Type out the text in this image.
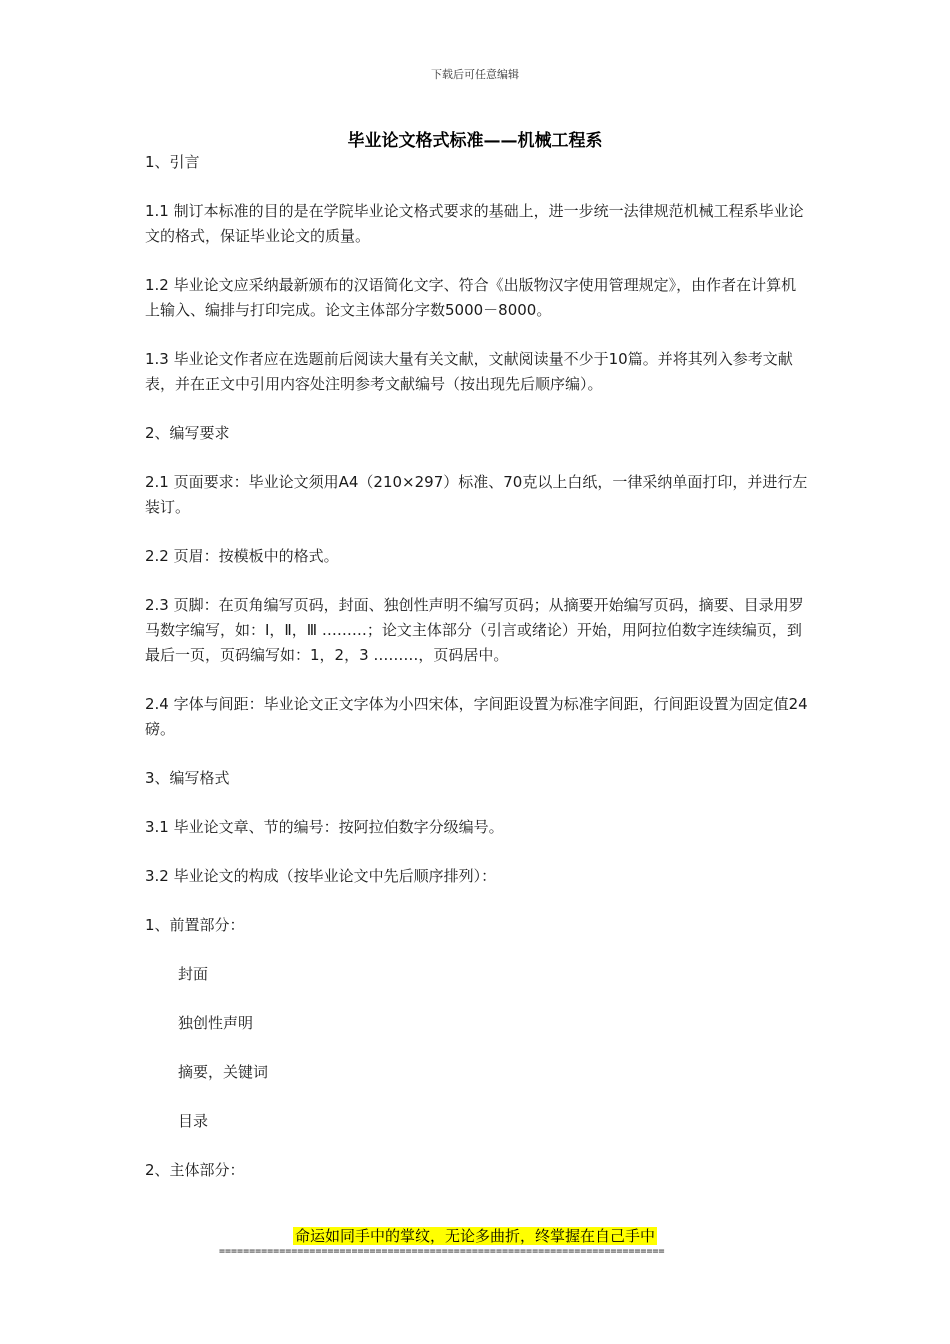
下载后可任意编辑
毕业论文格式标准——机械工程系

1、引言

1.1 制订本标准的目的是在学院毕业论文格式要求的基础上，进一步统一法律规范机械工程系毕业论文的格式，保证毕业论文的质量。

1.2 毕业论文应采纳最新颁布的汉语简化文字、符合《出版物汉字使用管理规定》，由作者在计算机上输入、编排与打印完成。论文主体部分字数5000－8000。

1.3 毕业论文作者应在选题前后阅读大量有关文献，文献阅读量不少于10篇。并将其列入参考文献表，并在正文中引用内容处注明参考文献编号（按出现先后顺序编）。

2、编写要求

2.1 页面要求：毕业论文须用A4（210×297）标准、70克以上白纸，一律采纳单面打印，并进行左装订。

2.2 页眉：按模板中的格式。

2.3 页脚：在页角编写页码，封面、独创性声明不编写页码；从摘要开始编写页码，摘要、目录用罗马数字编写，如：Ⅰ，Ⅱ，Ⅲ ………；论文主体部分（引言或绪论）开始，用阿拉伯数字连续编页，到最后一页，页码编写如：1，2，3 ………，页码居中。

2.4 字体与间距：毕业论文正文字体为小四宋体，字间距设置为标准字间距，行间距设置为固定值24磅。

3、编写格式

3.1 毕业论文章、节的编号：按阿拉伯数字分级编号。

3.2 毕业论文的构成（按毕业论文中先后顺序排列）：

1、前置部分：

封面

独创性声明

摘要，关键词

目录

2、主体部分：

命运如同手中的掌纹，无论多曲折，终掌握在自己手中
==========================================================================
